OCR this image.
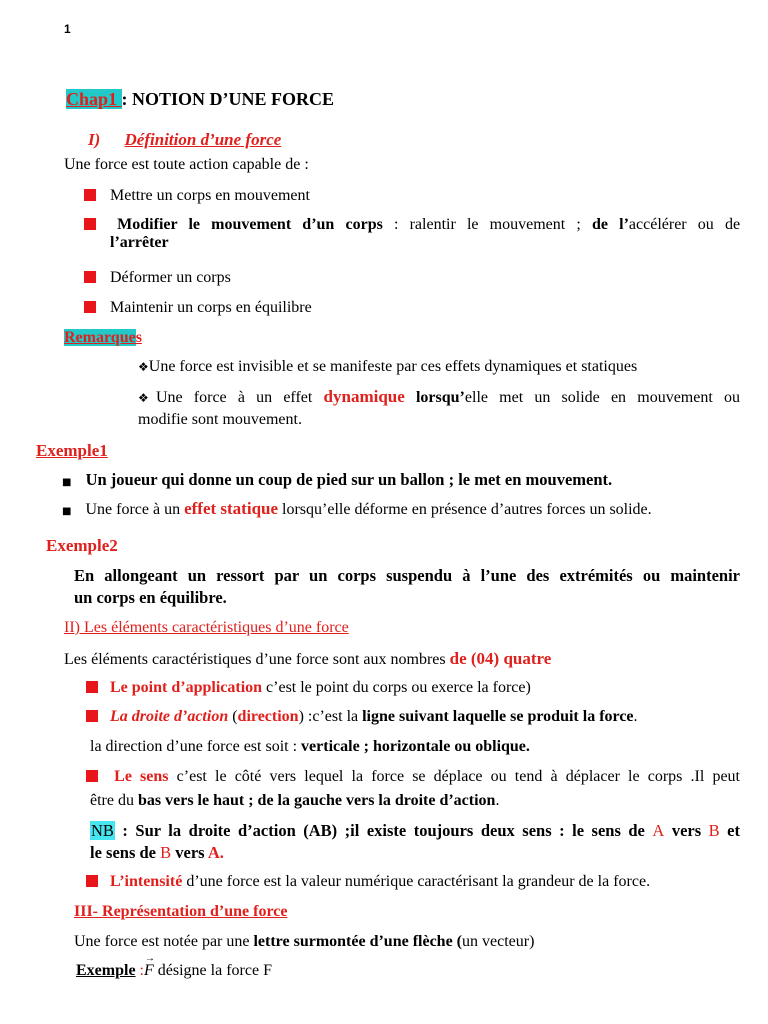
1
Chap1 : NOTION D’UNE FORCE
I) Définition d’une force
Une force est toute action capable de :
Mettre un corps en mouvement
Modifier le mouvement d’un corps : ralentir le mouvement ; de l’accélérer ou de
l’arrêter
Déformer un corps
Maintenir un corps en équilibre
Remarques
❖Une force est invisible et se manifeste par ces effets dynamiques et statiques
❖Une force à un effet dynamique lorsqu’elle met un solide en mouvement ou
modifie sont mouvement.
Exemple1
■ Un joueur qui donne un coup de pied sur un ballon ; le met en mouvement.
■ Une force à un effet statique lorsqu’elle déforme en présence d’autres forces un solide.
Exemple2
En allongeant un ressort par un corps suspendu à l’une des extrémités ou maintenir
un corps en équilibre.
II) Les éléments caractéristiques d’une force
Les éléments caractéristiques d’une force sont aux nombres de (04) quatre
Le point d’application c’est le point du corps ou exerce la force)
La droite d’action (direction) :c’est la ligne suivant laquelle se produit la force.
la direction d’une force est soit : verticale ; horizontale ou oblique.
Le sens c’est le côté vers lequel la force se déplace ou tend à déplacer le corps .Il peut
être du bas vers le haut ; de la gauche vers la droite d’action.
NB : Sur la droite d’action (AB) ;il existe toujours deux sens : le sens de A vers B et
le sens de B vers A.
L’intensité d’une force est la valeur numérique caractérisant la grandeur de la force.
III- Représentation d’une force
Une force est notée par une lettre surmontée d’une flèche (un vecteur)
Exemple :
→
F désigne la force F
